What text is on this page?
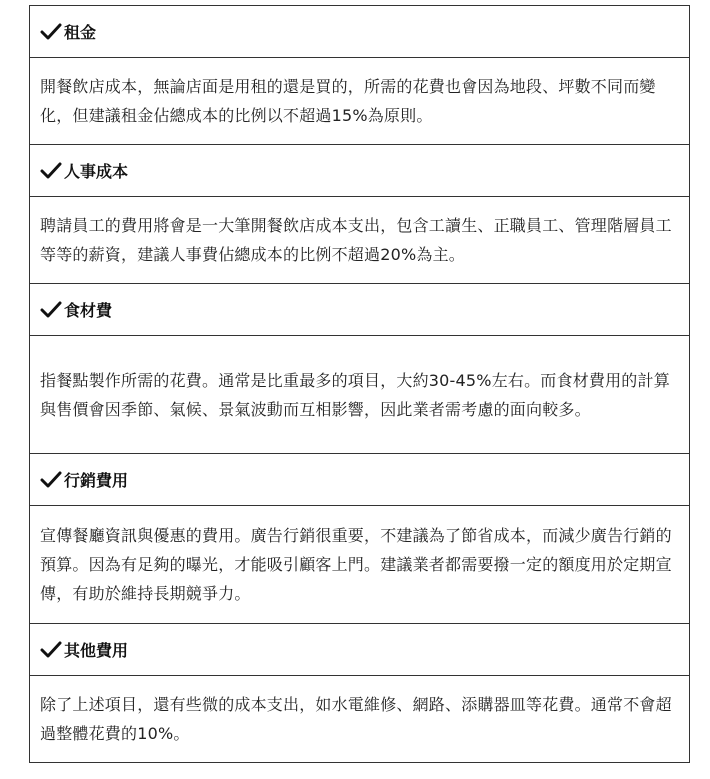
租金
開餐飲店成本，無論店面是用租的還是買的，所需的花費也會因為地段、坪數不同而變化，但建議租金佔總成本的比例以不超過15%為原則。
人事成本
聘請員工的費用將會是一大筆開餐飲店成本支出，包含工讀生、正職員工、管理階層員工等等的薪資，建議人事費佔總成本的比例不超過20%為主。
食材費
指餐點製作所需的花費。通常是比重最多的項目，大約30-45%左右。而食材費用的計算與售價會因季節、氣候、景氣波動而互相影響，因此業者需考慮的面向較多。
行銷費用
宣傳餐廳資訊與優惠的費用。廣告行銷很重要，不建議為了節省成本，而減少廣告行銷的預算。因為有足夠的曝光，才能吸引顧客上門。建議業者都需要撥一定的額度用於定期宣傳，有助於維持長期競爭力。
其他費用
除了上述項目，還有些微的成本支出，如水電維修、網路、添購器皿等花費。通常不會超過整體花費的10%。
